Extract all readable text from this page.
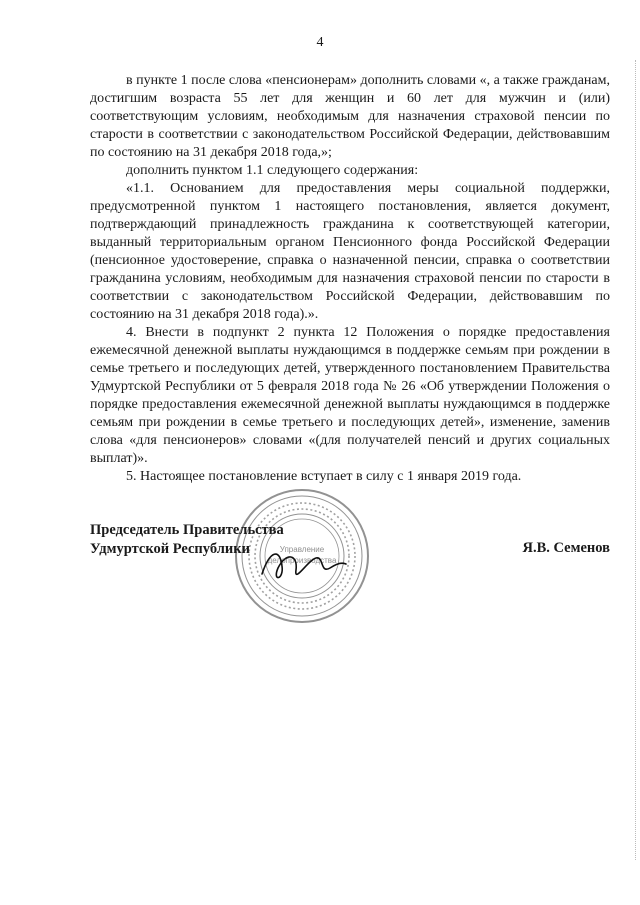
4

в пункте 1 после слова «пенсионерам» дополнить словами «, а также гражданам, достигшим возраста 55 лет для женщин и 60 лет для мужчин и (или) соответствующим условиям, необходимым для назначения страховой пенсии по старости в соответствии с законодательством Российской Федерации, действовавшим по состоянию на 31 декабря 2018 года,»;

дополнить пунктом 1.1 следующего содержания:

«1.1. Основанием для предоставления меры социальной поддержки, предусмотренной пунктом 1 настоящего постановления, является документ, подтверждающий принадлежность гражданина к соответствующей категории, выданный территориальным органом Пенсионного фонда Российской Федерации (пенсионное удостоверение, справка о назначенной пенсии, справка о соответствии гражданина условиям, необходимым для назначения страховой пенсии по старости в соответствии с законодательством Российской Федерации, действовавшим по состоянию на 31 декабря 2018 года).».

4. Внести в подпункт 2 пункта 12 Положения о порядке предоставления ежемесячной денежной выплаты нуждающимся в поддержке семьям при рождении в семье третьего и последующих детей, утвержденного постановлением Правительства Удмуртской Республики от 5 февраля 2018 года № 26 «Об утверждении Положения о порядке предоставления ежемесячной денежной выплаты нуждающимся в поддержке семьям при рождении в семье третьего и последующих детей», изменение, заменив слова «для пенсионеров» словами «(для получателей пенсий и других социальных выплат)».

5. Настоящее постановление вступает в силу с 1 января 2019 года.

Управление
делопроизводства
Председатель Правительства
Удмуртской Республики	Я.В. Семенов
